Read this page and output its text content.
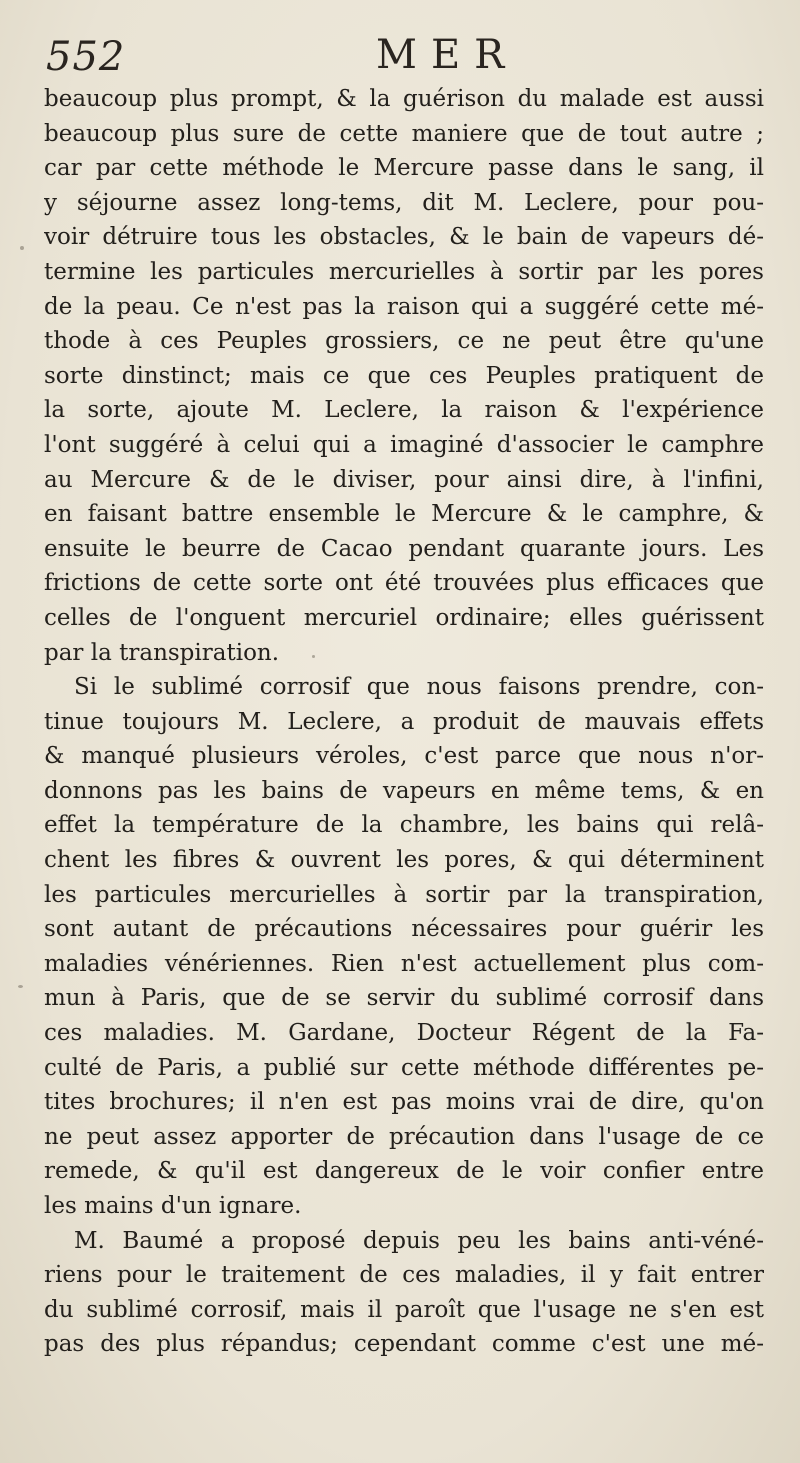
552	MER
beaucoup plus prompt, & la guérison du malade est aussi
beaucoup plus sure de cette maniere que de tout autre ;
car par cette méthode le Mercure passe dans le sang, il
y séjourne assez long-tems, dit M. Leclere, pour pou-
voir détruire tous les obstacles, & le bain de vapeurs dé-
termine les particules mercurielles à sortir par les pores
de la peau. Ce n'est pas la raison qui a suggéré cette mé-
thode à ces Peuples grossiers, ce ne peut être qu'une
sorte dinstinct; mais ce que ces Peuples pratiquent de
la sorte, ajoute M. Leclere, la raison & l'expérience
l'ont suggéré à celui qui a imaginé d'associer le camphre
au Mercure & de le diviser, pour ainsi dire, à l'infini,
en faisant battre ensemble le Mercure & le camphre, &
ensuite le beurre de Cacao pendant quarante jours. Les
frictions de cette sorte ont été trouvées plus efficaces que
celles de l'onguent mercuriel ordinaire; elles guérissent
par la transpiration.
Si le sublimé corrosif que nous faisons prendre, con-
tinue toujours M. Leclere, a produit de mauvais effets
& manqué plusieurs véroles, c'est parce que nous n'or-
donnons pas les bains de vapeurs en même tems, & en
effet la température de la chambre, les bains qui relâ-
chent les fibres & ouvrent les pores, & qui déterminent
les particules mercurielles à sortir par la transpiration,
sont autant de précautions nécessaires pour guérir les
maladies vénériennes. Rien n'est actuellement plus com-
mun à Paris, que de se servir du sublimé corrosif dans
ces maladies. M. Gardane, Docteur Régent de la Fa-
culté de Paris, a publié sur cette méthode différentes pe-
tites brochures; il n'en est pas moins vrai de dire, qu'on
ne peut assez apporter de précaution dans l'usage de ce
remede, & qu'il est dangereux de le voir confier entre
les mains d'un ignare.
M. Baumé a proposé depuis peu les bains anti-véné-
riens pour le traitement de ces maladies, il y fait entrer
du sublimé corrosif, mais il paroît que l'usage ne s'en est
pas des plus répandus; cependant comme c'est une mé-
